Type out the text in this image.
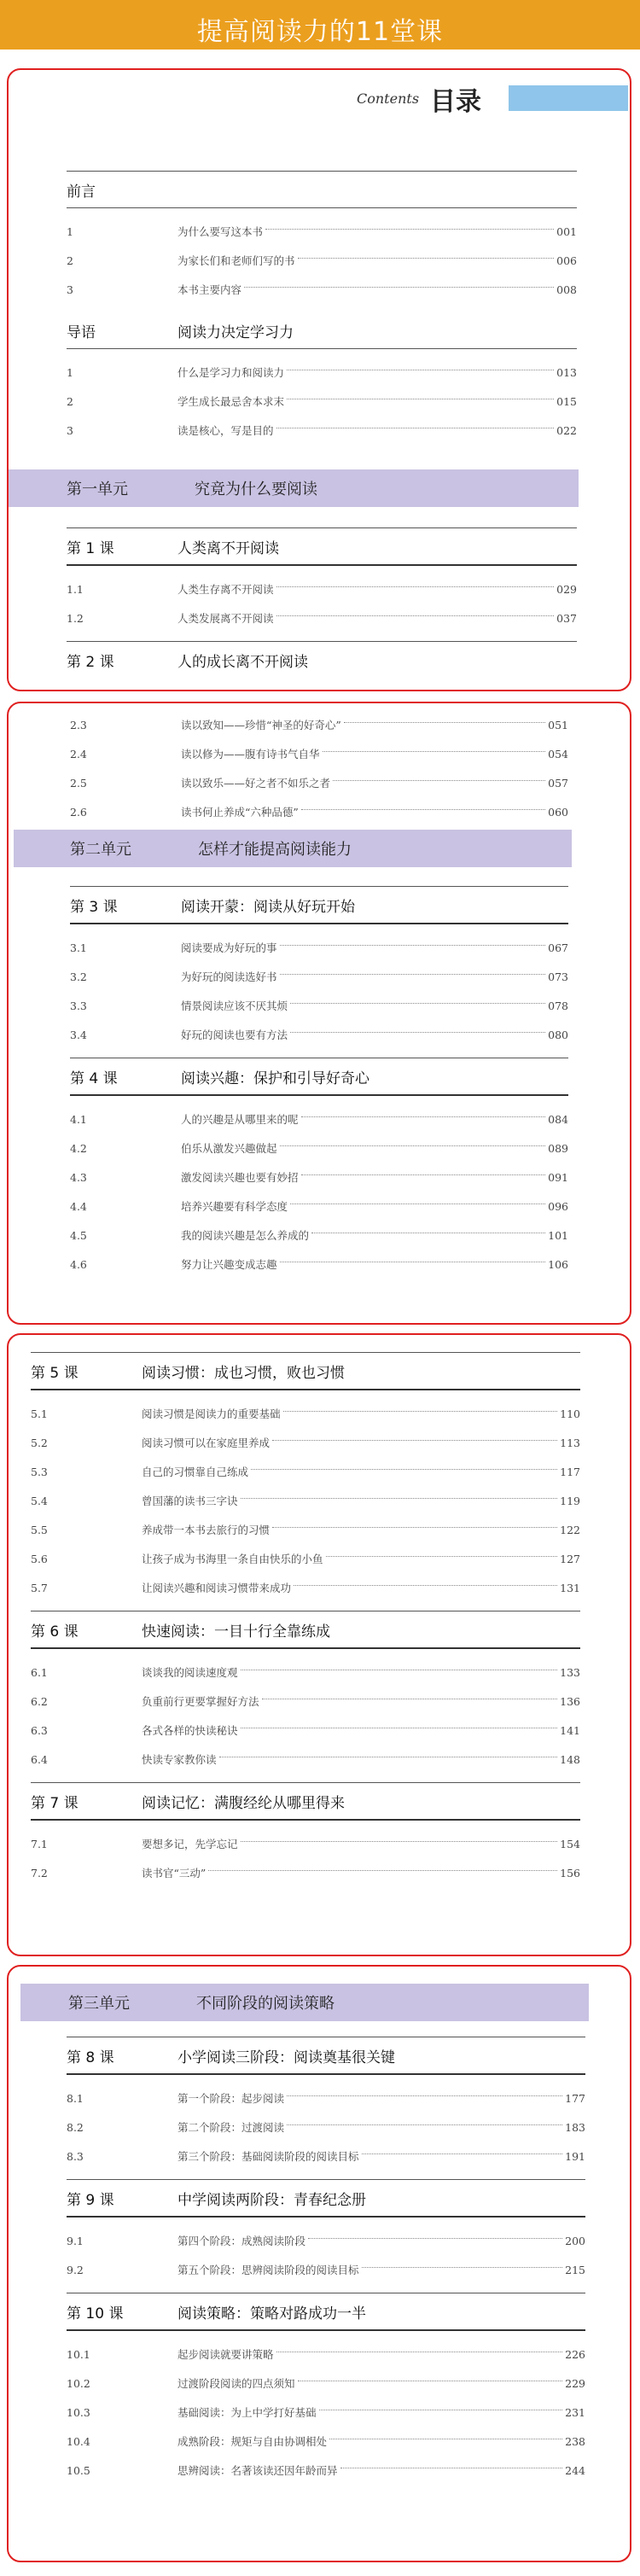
提高阅读力的11堂课
Contents 目录
前言
1	为什么要写这本书	001
2	为家长们和老师们写的书	006
3	本书主要内容	008
导语	阅读力决定学习力
1	什么是学习力和阅读力	013
2	学生成长最忌舍本求末	015
3	读是核心，写是目的	022
第一单元	究竟为什么要阅读
第 1 课	人类离不开阅读
1.1	人类生存离不开阅读	029
1.2	人类发展离不开阅读	037
第 2 课	人的成长离不开阅读
2.3	读以致知——珍惜“神圣的好奇心”	051
2.4	读以修为——腹有诗书气自华	054
2.5	读以致乐——好之者不如乐之者	057
2.6	读书何止养成“六种品德”	060
第二单元	怎样才能提高阅读能力
第 3 课	阅读开蒙：阅读从好玩开始
3.1	阅读要成为好玩的事	067
3.2	为好玩的阅读选好书	073
3.3	情景阅读应该不厌其烦	078
3.4	好玩的阅读也要有方法	080
第 4 课	阅读兴趣：保护和引导好奇心
4.1	人的兴趣是从哪里来的呢	084
4.2	伯乐从激发兴趣做起	089
4.3	激发阅读兴趣也要有妙招	091
4.4	培养兴趣要有科学态度	096
4.5	我的阅读兴趣是怎么养成的	101
4.6	努力让兴趣变成志趣	106
第 5 课	阅读习惯：成也习惯，败也习惯
5.1	阅读习惯是阅读力的重要基础	110
5.2	阅读习惯可以在家庭里养成	113
5.3	自己的习惯靠自己练成	117
5.4	曾国藩的读书三字诀	119
5.5	养成带一本书去旅行的习惯	122
5.6	让孩子成为书海里一条自由快乐的小鱼	127
5.7	让阅读兴趣和阅读习惯带来成功	131
第 6 课	快速阅读：一目十行全靠练成
6.1	谈谈我的阅读速度观	133
6.2	负重前行更要掌握好方法	136
6.3	各式各样的快读秘诀	141
6.4	快读专家教你读	148
第 7 课	阅读记忆：满腹经纶从哪里得来
7.1	要想多记，先学忘记	154
7.2	读书官“三动”	156
第三单元	不同阶段的阅读策略
第 8 课	小学阅读三阶段：阅读奠基很关键
8.1	第一个阶段：起步阅读	177
8.2	第二个阶段：过渡阅读	183
8.3	第三个阶段：基础阅读阶段的阅读目标	191
第 9 课	中学阅读两阶段：青春纪念册
9.1	第四个阶段：成熟阅读阶段	200
9.2	第五个阶段：思辨阅读阶段的阅读目标	215
第 10 课	阅读策略：策略对路成功一半
10.1	起步阅读就要讲策略	226
10.2	过渡阶段阅读的四点须知	229
10.3	基础阅读：为上中学打好基础	231
10.4	成熟阶段：规矩与自由协调相处	238
10.5	思辨阅读：名著该读还因年龄而异	244
